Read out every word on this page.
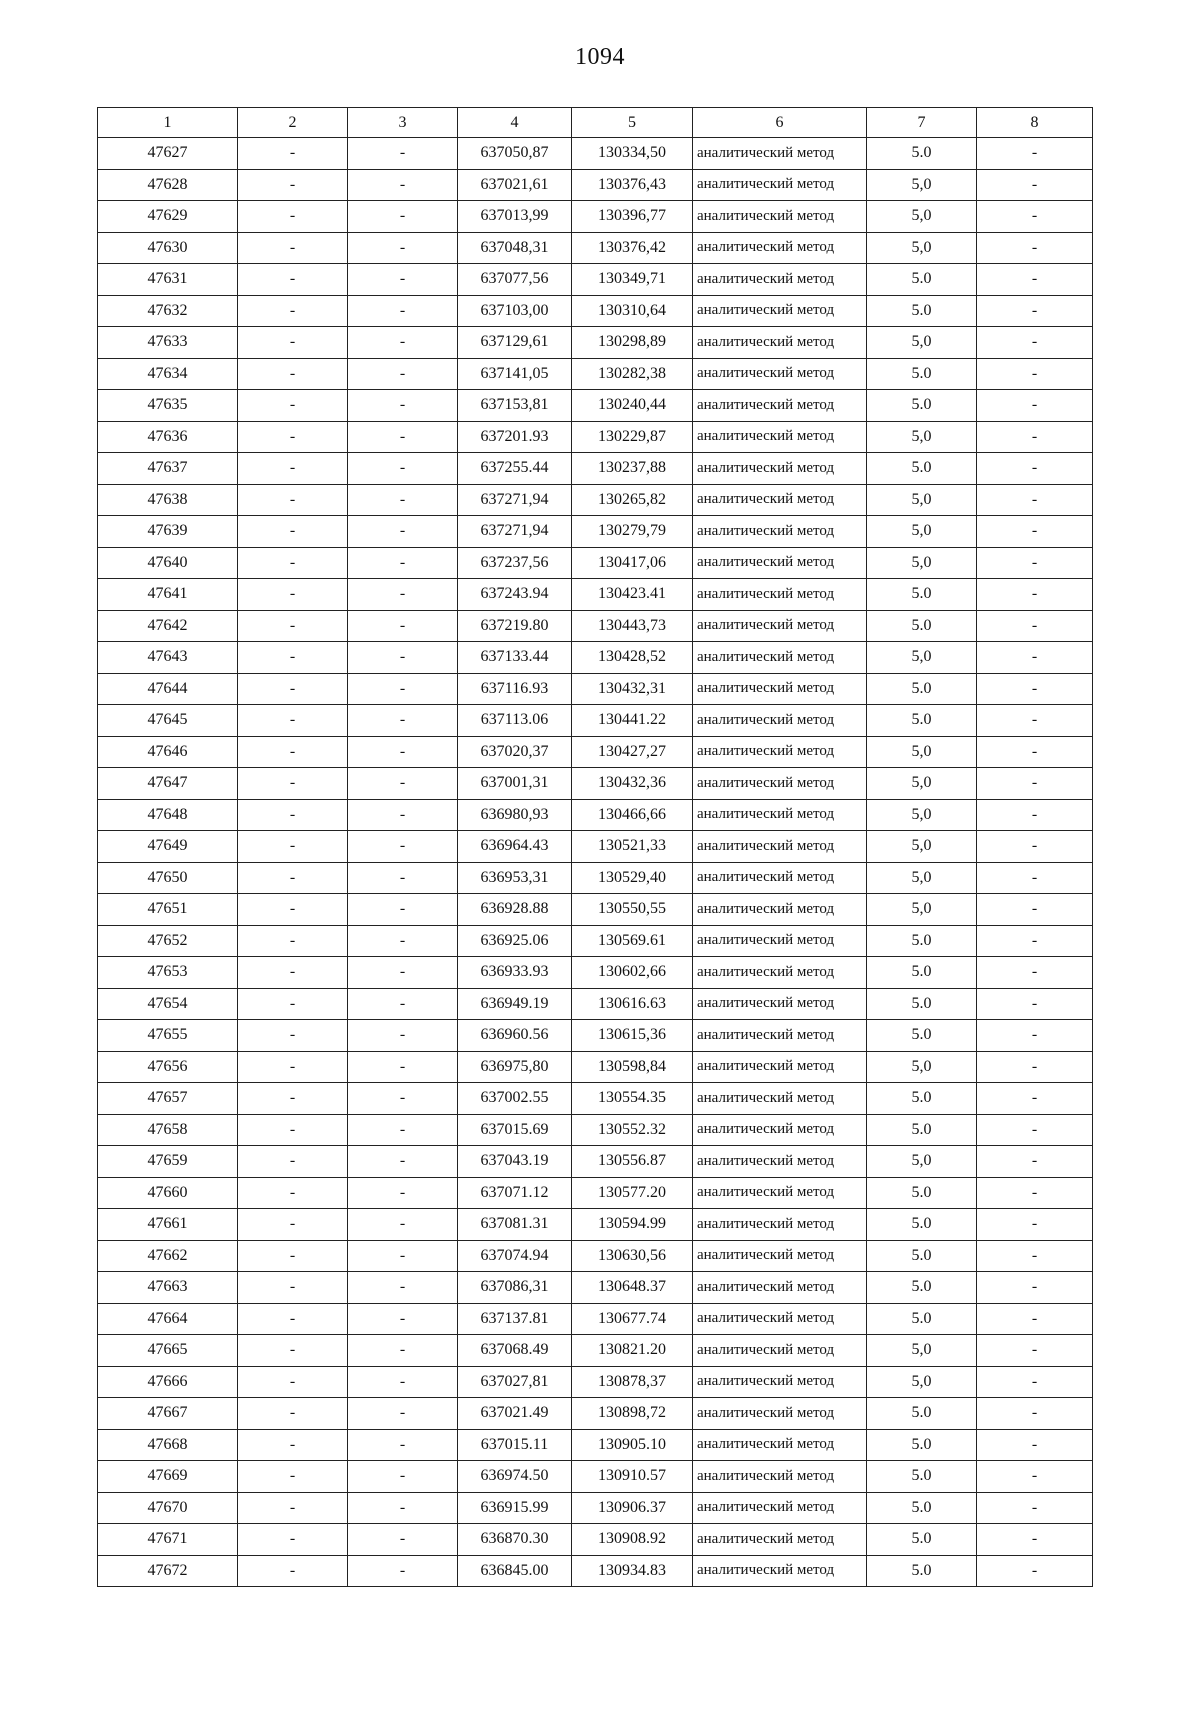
1094
1	2	3	4	5	6	7	8
47627	-	-	637050,87	130334,50	аналитический метод	5.0	-
47628	-	-	637021,61	130376,43	аналитический метод	5,0	-
47629	-	-	637013,99	130396,77	аналитический метод	5,0	-
47630	-	-	637048,31	130376,42	аналитический метод	5,0	-
47631	-	-	637077,56	130349,71	аналитический метод	5.0	-
47632	-	-	637103,00	130310,64	аналитический метод	5.0	-
47633	-	-	637129,61	130298,89	аналитический метод	5,0	-
47634	-	-	637141,05	130282,38	аналитический метод	5.0	-
47635	-	-	637153,81	130240,44	аналитический метод	5.0	-
47636	-	-	637201.93	130229,87	аналитический метод	5,0	-
47637	-	-	637255.44	130237,88	аналитический метод	5.0	-
47638	-	-	637271,94	130265,82	аналитический метод	5,0	-
47639	-	-	637271,94	130279,79	аналитический метод	5,0	-
47640	-	-	637237,56	130417,06	аналитический метод	5,0	-
47641	-	-	637243.94	130423.41	аналитический метод	5.0	-
47642	-	-	637219.80	130443,73	аналитический метод	5.0	-
47643	-	-	637133.44	130428,52	аналитический метод	5,0	-
47644	-	-	637116.93	130432,31	аналитический метод	5.0	-
47645	-	-	637113.06	130441.22	аналитический метод	5.0	-
47646	-	-	637020,37	130427,27	аналитический метод	5,0	-
47647	-	-	637001,31	130432,36	аналитический метод	5,0	-
47648	-	-	636980,93	130466,66	аналитический метод	5,0	-
47649	-	-	636964.43	130521,33	аналитический метод	5,0	-
47650	-	-	636953,31	130529,40	аналитический метод	5,0	-
47651	-	-	636928.88	130550,55	аналитический метод	5,0	-
47652	-	-	636925.06	130569.61	аналитический метод	5.0	-
47653	-	-	636933.93	130602,66	аналитический метод	5.0	-
47654	-	-	636949.19	130616.63	аналитический метод	5.0	-
47655	-	-	636960.56	130615,36	аналитический метод	5.0	-
47656	-	-	636975,80	130598,84	аналитический метод	5,0	-
47657	-	-	637002.55	130554.35	аналитический метод	5.0	-
47658	-	-	637015.69	130552.32	аналитический метод	5.0	-
47659	-	-	637043.19	130556.87	аналитический метод	5,0	-
47660	-	-	637071.12	130577.20	аналитический метод	5.0	-
47661	-	-	637081.31	130594.99	аналитический метод	5.0	-
47662	-	-	637074.94	130630,56	аналитический метод	5.0	-
47663	-	-	637086,31	130648.37	аналитический метод	5.0	-
47664	-	-	637137.81	130677.74	аналитический метод	5.0	-
47665	-	-	637068.49	130821.20	аналитический метод	5,0	-
47666	-	-	637027,81	130878,37	аналитический метод	5,0	-
47667	-	-	637021.49	130898,72	аналитический метод	5.0	-
47668	-	-	637015.11	130905.10	аналитический метод	5.0	-
47669	-	-	636974.50	130910.57	аналитический метод	5.0	-
47670	-	-	636915.99	130906.37	аналитический метод	5.0	-
47671	-	-	636870.30	130908.92	аналитический метод	5.0	-
47672	-	-	636845.00	130934.83	аналитический метод	5.0	-
